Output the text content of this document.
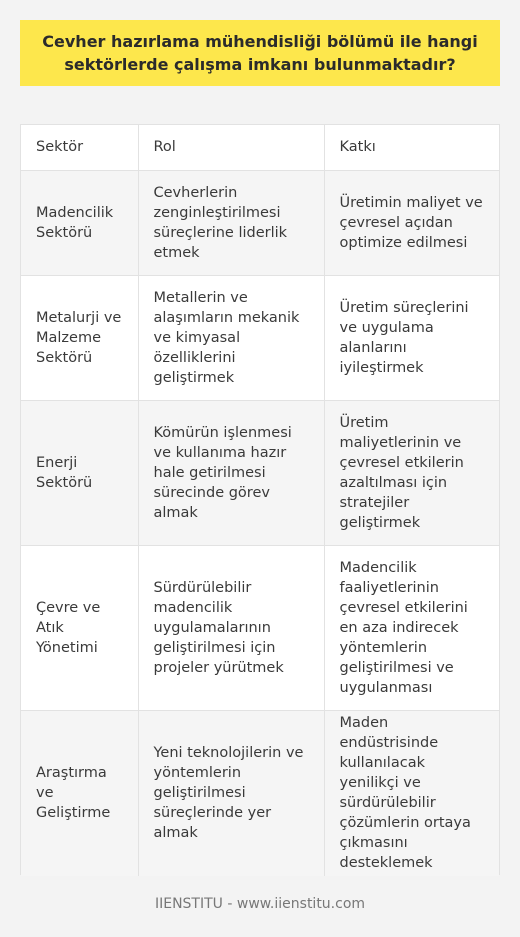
Cevher hazırlama mühendisliği bölümü ile hangi sektörlerde çalışma imkanı bulunmaktadır?
Sektör	Rol	Katkı
Madencilik Sektörü	Cevherlerin zenginleştirilmesi süreçlerine liderlik etmek	Üretimin maliyet ve çevresel açıdan optimize edilmesi
Metalurji ve Malzeme Sektörü	Metallerin ve alaşımların mekanik ve kimyasal özelliklerini geliştirmek	Üretim süreçlerini ve uygulama alanlarını iyileştirmek
Enerji Sektörü	Kömürün işlenmesi ve kullanıma hazır hale getirilmesi sürecinde görev almak	Üretim maliyetlerinin ve çevresel etkilerin azaltılması için stratejiler geliştirmek
Çevre ve Atık Yönetimi	Sürdürülebilir madencilik uygulamalarının geliştirilmesi için projeler yürütmek	Madencilik faaliyetlerinin çevresel etkilerini en aza indirecek yöntemlerin geliştirilmesi ve uygulanması
Araştırma ve Geliştirme	Yeni teknolojilerin ve yöntemlerin geliştirilmesi süreçlerinde yer almak	Maden endüstrisinde kullanılacak yenilikçi ve sürdürülebilir çözümlerin ortaya çıkmasını desteklemek
IIENSTITU - www.iienstitu.com
